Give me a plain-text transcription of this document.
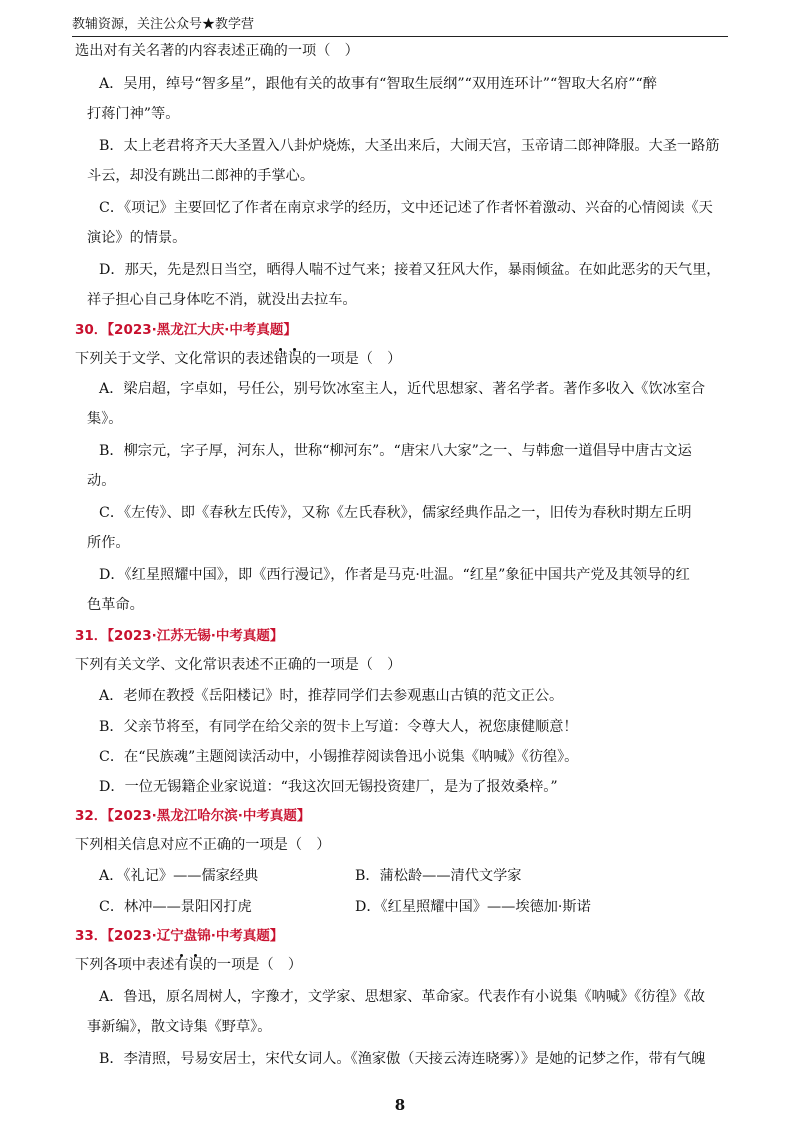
教辅资源，关注公众号★教学营
选出对有关名著的内容表述正确的一项（　）
A．吴用，绰号“智多星”，跟他有关的故事有“智取生辰纲”“双用连环计”“智取大名府”“醉
打蒋门神”等。
B．太上老君将齐天大圣置入八卦炉烧炼，大圣出来后，大闹天宫，玉帝请二郎神降服。大圣一路筋
斗云，却没有跳出二郎神的手掌心。
C．《项记》主要回忆了作者在南京求学的经历，文中还记述了作者怀着激动、兴奋的心情阅读《天
演论》的情景。
D．那天，先是烈日当空，晒得人喘不过气来；接着又狂风大作，暴雨倾盆。在如此恶劣的天气里，
祥子担心自己身体吃不消，就没出去拉车。
30．【2023·黑龙江大庆·中考真题】
下列关于文学、文化常识的表述错误的一项是（　）
A．梁启超，字卓如，号任公，别号饮冰室主人，近代思想家、著名学者。著作多收入《饮冰室合
集》。
B．柳宗元，字子厚，河东人，世称“柳河东”。“唐宋八大家”之一、与韩愈一道倡导中唐古文运
动。
C．《左传》、即《春秋左氏传》，又称《左氏春秋》，儒家经典作品之一，旧传为春秋时期左丘明
所作。
D．《红星照耀中国》，即《西行漫记》，作者是马克·吐温。“红星”象征中国共产党及其领导的红
色革命。
31．【2023·江苏无锡·中考真题】
下列有关文学、文化常识表述不正确的一项是（　）
A．老师在教授《岳阳楼记》时，推荐同学们去参观惠山古镇的范文正公。
B．父亲节将至，有同学在给父亲的贺卡上写道：令尊大人，祝您康健顺意！
C．在“民族魂”主题阅读活动中，小锡推荐阅读鲁迅小说集《呐喊》《彷徨》。
D．一位无锡籍企业家说道：“我这次回无锡投资建厂，是为了报效桑梓。”
32．【2023·黑龙江哈尔滨·中考真题】
下列相关信息对应不正确的一项是（　）
A．《礼记》——儒家经典	B．蒲松龄——清代文学家
C．林冲——景阳冈打虎	D．《红星照耀中国》——埃德加·斯诺
33．【2023·辽宁盘锦·中考真题】
下列各项中表述有误的一项是（　）
A．鲁迅，原名周树人，字豫才，文学家、思想家、革命家。代表作有小说集《呐喊》《彷徨》《故
事新编》，散文诗集《野草》。
B．李清照，号易安居士，宋代女词人。《渔家傲（天接云涛连晓雾）》是她的记梦之作，带有气魄
8
